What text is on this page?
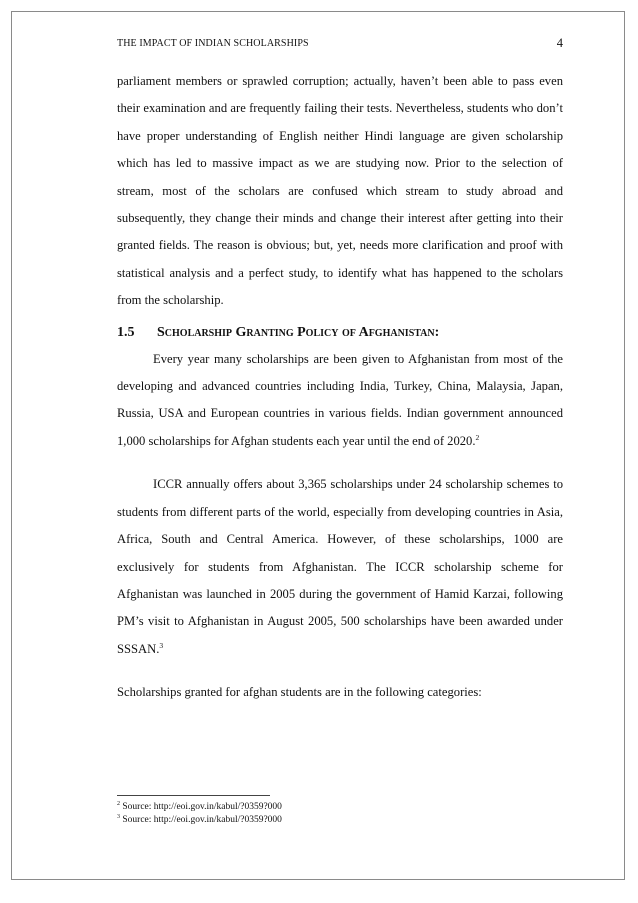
THE IMPACT OF INDIAN SCHOLARSHIPS	4

parliament members or sprawled corruption; actually, haven’t been able to pass even their examination and are frequently failing their tests. Nevertheless, students who don’t have proper understanding of English neither Hindi language are given scholarship which has led to massive impact as we are studying now. Prior to the selection of stream, most of the scholars are confused which stream to study abroad and subsequently, they change their minds and change their interest after getting into their granted fields. The reason is obvious; but, yet, needs more clarification and proof with statistical analysis and a perfect study, to identify what has happened to the scholars from the scholarship.

1.5	Scholarship Granting Policy of Afghanistan:

Every year many scholarships are been given to Afghanistan from most of the developing and advanced countries including India, Turkey, China, Malaysia, Japan, Russia, USA and European countries in various fields. Indian government announced 1,000 scholarships for Afghan students each year until the end of 2020.$^2$

ICCR annually offers about 3,365 scholarships under 24 scholarship schemes to students from different parts of the world, especially from developing countries in Asia, Africa, South and Central America. However, of these scholarships, 1000 are exclusively for students from Afghanistan. The ICCR scholarship scheme for Afghanistan was launched in 2005 during the government of Hamid Karzai, following PM’s visit to Afghanistan in August 2005, 500 scholarships have been awarded under SSSAN.$^3$

Scholarships granted for afghan students are in the following categories:

$^2$ Source: http://eoi.gov.in/kabul/?0359?000
$^3$ Source: http://eoi.gov.in/kabul/?0359?000
